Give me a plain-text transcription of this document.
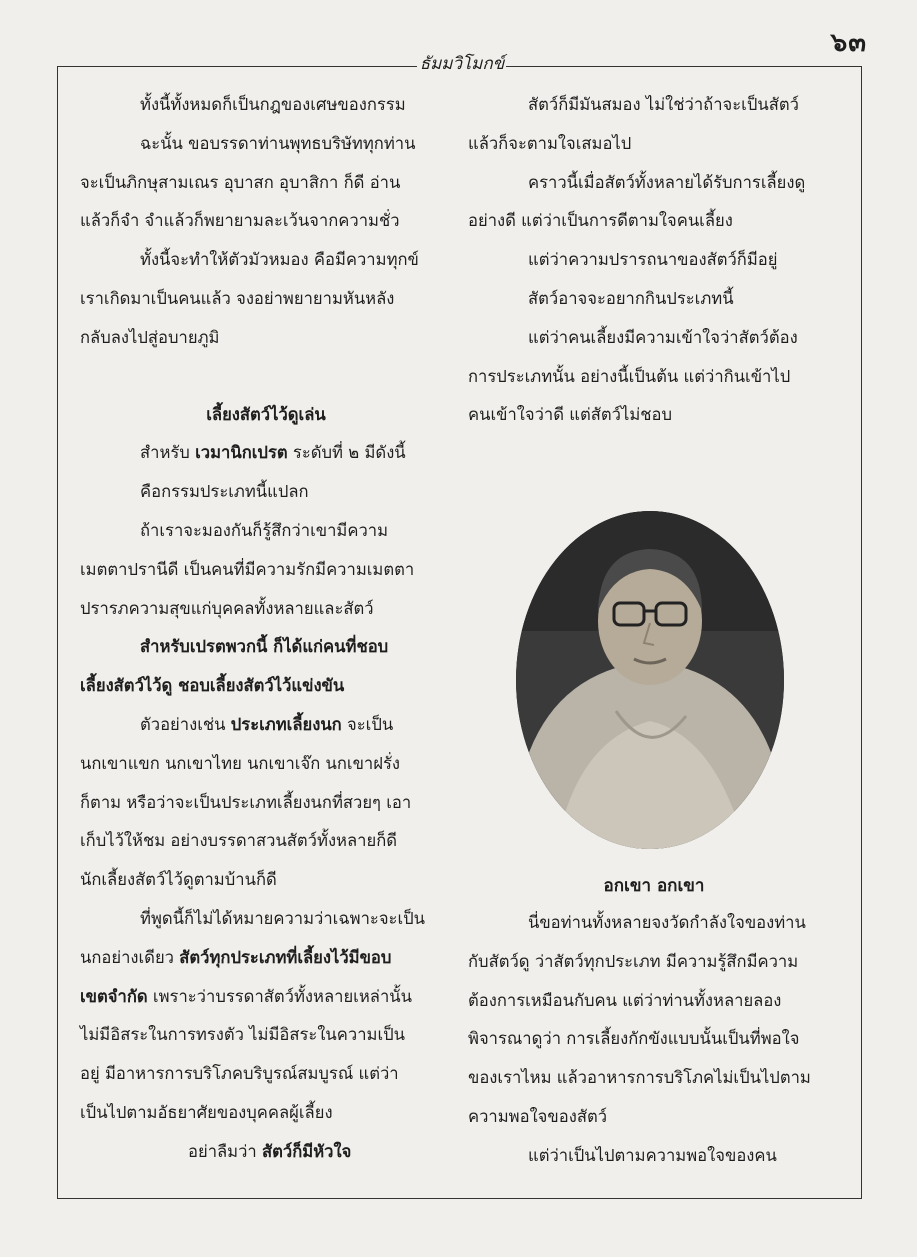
๖๓
ธัมมวิโมกข์
ทั้งนี้ทั้งหมดก็เป็นกฎของเศษของกรรม
ฉะนั้น ขอบรรดาท่านพุทธบริษัททุกท่าน
จะเป็นภิกษุสามเณร อุบาสก อุบาสิกา ก็ดี อ่าน
แล้วก็จำ จำแล้วก็พยายามละเว้นจากความชั่ว
ทั้งนี้จะทำให้ตัวมัวหมอง คือมีความทุกข์
เราเกิดมาเป็นคนแล้ว จงอย่าพยายามหันหลัง
กลับลงไปสู่อบายภูมิ
เลี้ยงสัตว์ไว้ดูเล่น
สำหรับ เวมานิกเปรต ระดับที่ ๒ มีดังนี้
คือกรรมประเภทนี้แปลก
ถ้าเราจะมองกันก็รู้สึกว่าเขามีความ
เมตตาปรานีดี เป็นคนที่มีความรักมีความเมตตา
ปรารภความสุขแก่บุคคลทั้งหลายและสัตว์
สำหรับเปรตพวกนี้ ก็ได้แก่คนที่ชอบ
เลี้ยงสัตว์ไว้ดู ชอบเลี้ยงสัตว์ไว้แข่งขัน
ตัวอย่างเช่น ประเภทเลี้ยงนก จะเป็น
นกเขาแขก นกเขาไทย นกเขาเจ๊ก นกเขาฝรั่ง
ก็ตาม หรือว่าจะเป็นประเภทเลี้ยงนกที่สวยๆ เอา
เก็บไว้ให้ชม อย่างบรรดาสวนสัตว์ทั้งหลายก็ดี
นักเลี้ยงสัตว์ไว้ดูตามบ้านก็ดี
ที่พูดนี้ก็ไม่ได้หมายความว่าเฉพาะจะเป็น
นกอย่างเดียว สัตว์ทุกประเภทที่เลี้ยงไว้มีขอบ
เขตจำกัด เพราะว่าบรรดาสัตว์ทั้งหลายเหล่านั้น
ไม่มีอิสระในการทรงตัว ไม่มีอิสระในความเป็น
อยู่ มีอาหารการบริโภคบริบูรณ์สมบูรณ์ แต่ว่า
เป็นไปตามอัธยาศัยของบุคคลผู้เลี้ยง
อย่าลืมว่า สัตว์ก็มีหัวใจ
สัตว์ก็มีมันสมอง ไม่ใช่ว่าถ้าจะเป็นสัตว์
แล้วก็จะตามใจเสมอไป
คราวนี้เมื่อสัตว์ทั้งหลายได้รับการเลี้ยงดู
อย่างดี แต่ว่าเป็นการดีตามใจคนเลี้ยง
แต่ว่าความปรารถนาของสัตว์ก็มีอยู่
สัตว์อาจจะอยากกินประเภทนี้
แต่ว่าคนเลี้ยงมีความเข้าใจว่าสัตว์ต้อง
การประเภทนั้น อย่างนี้เป็นต้น แต่ว่ากินเข้าไป
คนเข้าใจว่าดี แต่สัตว์ไม่ชอบ
อกเขา อกเขา
นี่ขอท่านทั้งหลายจงวัดกำลังใจของท่าน
กับสัตว์ดู ว่าสัตว์ทุกประเภท มีความรู้สึกมีความ
ต้องการเหมือนกับคน แต่ว่าท่านทั้งหลายลอง
พิจารณาดูว่า การเลี้ยงกักขังแบบนั้นเป็นที่พอใจ
ของเราไหม แล้วอาหารการบริโภคไม่เป็นไปตาม
ความพอใจของสัตว์
แต่ว่าเป็นไปตามความพอใจของคน
